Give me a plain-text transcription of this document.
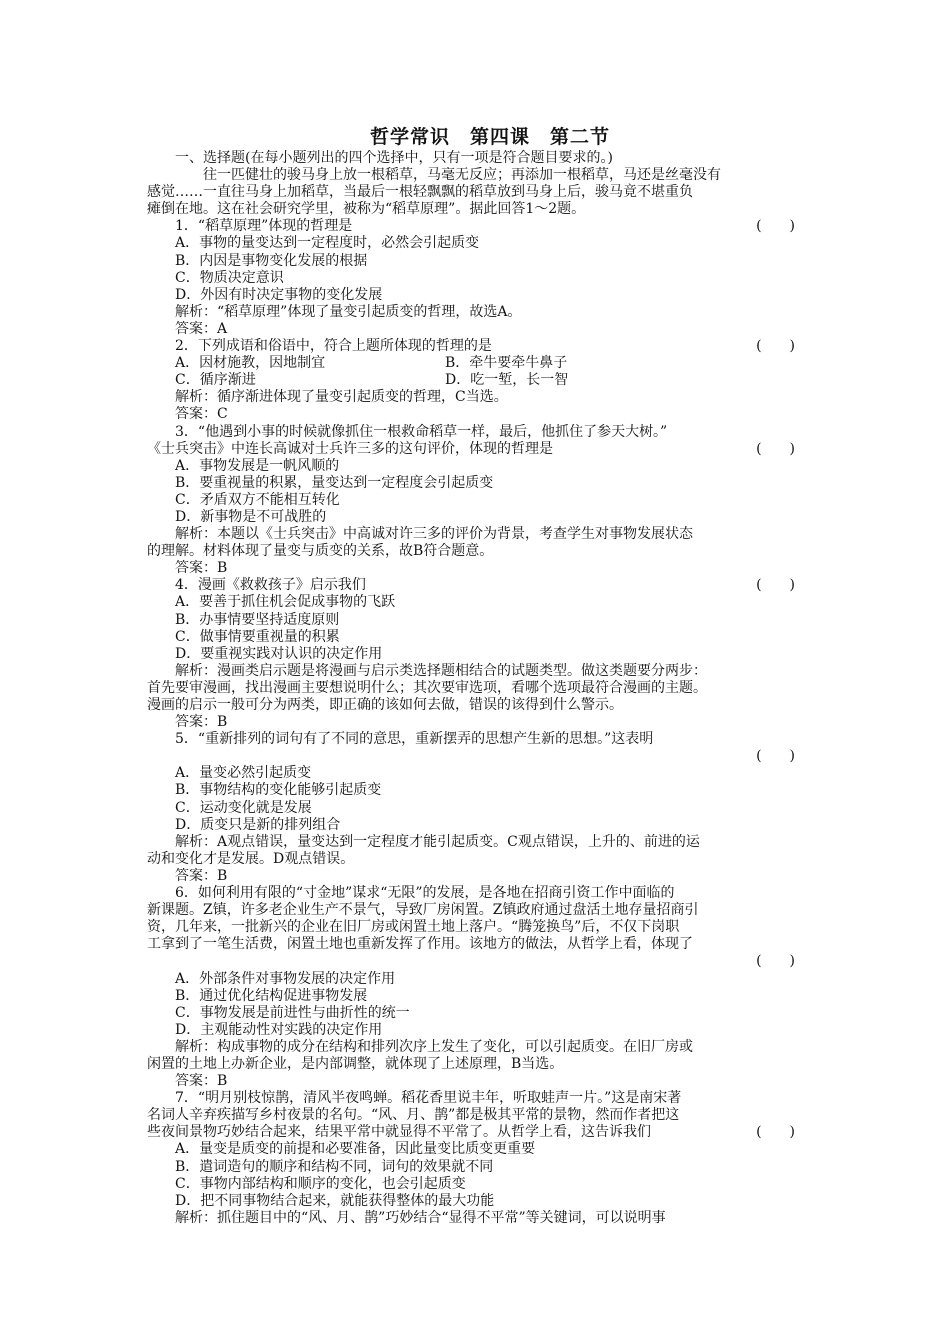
哲学常识　第四课　第二节
一、选择题(在每小题列出的四个选择中，只有一项是符合题目要求的。)
往一匹健壮的骏马身上放一根稻草，马毫无反应；再添加一根稻草，马还是丝毫没有
感觉……一直往马身上加稻草，当最后一根轻飘飘的稻草放到马身上后，骏马竟不堪重负
瘫倒在地。这在社会研究学里，被称为“稻草原理”。据此回答1～2题。
1．“稻草原理”体现的哲理是	(　　)
A．事物的量变达到一定程度时，必然会引起质变
B．内因是事物变化发展的根据
C．物质决定意识
D．外因有时决定事物的变化发展
解析：“稻草原理”体现了量变引起质变的哲理，故选A。
答案：A
2．下列成语和俗语中，符合上题所体现的哲理的是	(　　)
A．因材施教，因地制宜	B．牵牛要牵牛鼻子
C．循序渐进	D．吃一堑，长一智
解析：循序渐进体现了量变引起质变的哲理，C当选。
答案：C
3．“他遇到小事的时候就像抓住一根救命稻草一样，最后，他抓住了参天大树。”
《士兵突击》中连长高诚对士兵许三多的这句评价，体现的哲理是	(　　)
A．事物发展是一帆风顺的
B．要重视量的积累，量变达到一定程度会引起质变
C．矛盾双方不能相互转化
D．新事物是不可战胜的
解析：本题以《士兵突击》中高诚对许三多的评价为背景，考查学生对事物发展状态
的理解。材料体现了量变与质变的关系，故B符合题意。
答案：B
4．漫画《救救孩子》启示我们	(　　)
A．要善于抓住机会促成事物的飞跃
B．办事情要坚持适度原则
C．做事情要重视量的积累
D．要重视实践对认识的决定作用
解析：漫画类启示题是将漫画与启示类选择题相结合的试题类型。做这类题要分两步：
首先要审漫画，找出漫画主要想说明什么；其次要审选项，看哪个选项最符合漫画的主题。
漫画的启示一般可分为两类，即正确的该如何去做，错误的该得到什么警示。
答案：B
5．“重新排列的词句有了不同的意思，重新摆弄的思想产生新的思想。”这表明
(　　)
A．量变必然引起质变
B．事物结构的变化能够引起质变
C．运动变化就是发展
D．质变只是新的排列组合
解析：A观点错误，量变达到一定程度才能引起质变。C观点错误，上升的、前进的运
动和变化才是发展。D观点错误。
答案：B
6．如何利用有限的“寸金地”谋求“无限”的发展，是各地在招商引资工作中面临的
新课题。Z镇，许多老企业生产不景气，导致厂房闲置。Z镇政府通过盘活土地存量招商引
资，几年来，一批新兴的企业在旧厂房或闲置土地上落户。“腾笼换鸟”后，不仅下岗职
工拿到了一笔生活费，闲置土地也重新发挥了作用。该地方的做法，从哲学上看，体现了
(　　)
A．外部条件对事物发展的决定作用
B．通过优化结构促进事物发展
C．事物发展是前进性与曲折性的统一
D．主观能动性对实践的决定作用
解析：构成事物的成分在结构和排列次序上发生了变化，可以引起质变。在旧厂房或
闲置的土地上办新企业，是内部调整，就体现了上述原理，B当选。
答案：B
7．“明月别枝惊鹊，清风半夜鸣蝉。稻花香里说丰年，听取蛙声一片。”这是南宋著
名词人辛弃疾描写乡村夜景的名句。“风、月、鹊”都是极其平常的景物，然而作者把这
些夜间景物巧妙结合起来，结果平常中就显得不平常了。从哲学上看，这告诉我们	(　　)
A．量变是质变的前提和必要准备，因此量变比质变更重要
B．遣词造句的顺序和结构不同，词句的效果就不同
C．事物内部结构和顺序的变化，也会引起质变
D．把不同事物结合起来，就能获得整体的最大功能
解析：抓住题目中的“风、月、鹊”巧妙结合“显得不平常”等关键词，可以说明事
